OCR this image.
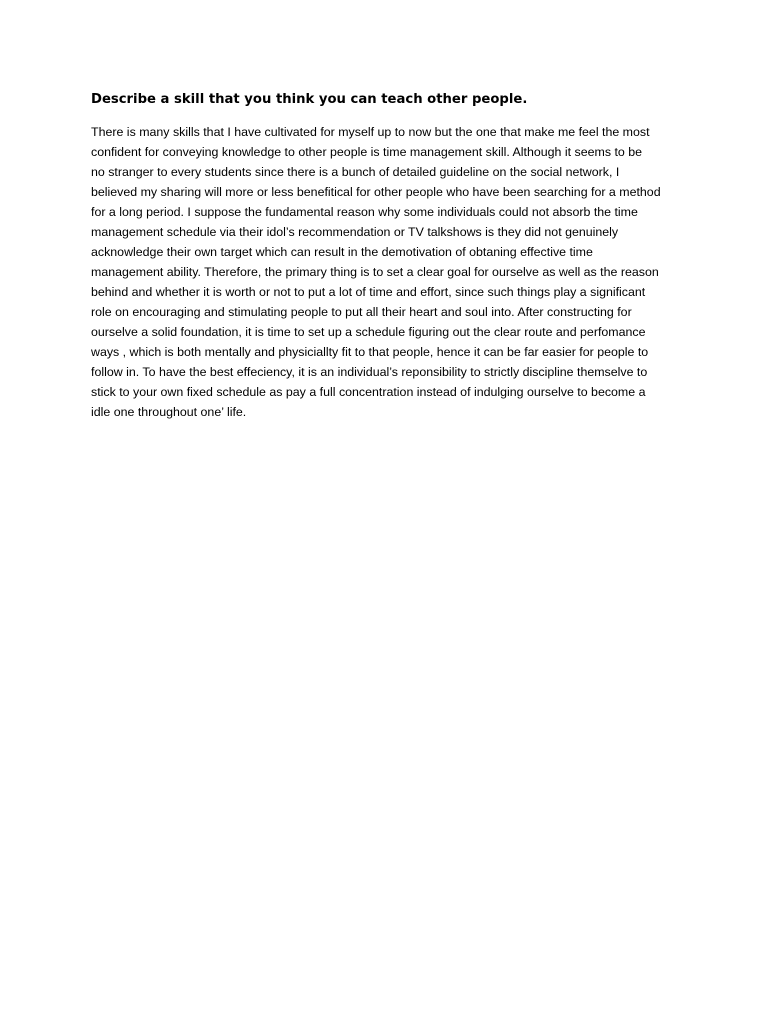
Describe a skill that you think you can teach other people.
There is many skills that I have cultivated for myself up to now but the one that make me feel the most
confident for conveying knowledge to other people is time management skill. Although it seems to be
no stranger to every students since there is a bunch of detailed guideline on the social network, I
believed my sharing will more or less benefitical for other people who have been searching for a method
for a long period. I suppose the fundamental reason why some individuals could not absorb the time
management schedule via their idol’s recommendation or TV talkshows is they did not genuinely
acknowledge their own target which can result in the demotivation of obtaning effective time
management ability. Therefore, the primary thing is to set a clear goal for ourselve as well as the reason
behind and whether it is worth or not to put a lot of time and effort, since such things play a significant
role on encouraging and stimulating people to put all their heart and soul into. After constructing for
ourselve a solid foundation, it is time to set up a schedule figuring out the clear route and perfomance
ways , which is both mentally and physiciallty fit to that people, hence it can be far easier for people to
follow in. To have the best effeciency, it is an individual’s reponsibility to strictly discipline themselve to
stick to your own fixed schedule as pay a full concentration instead of indulging ourselve to become a
idle one throughout one’ life.
